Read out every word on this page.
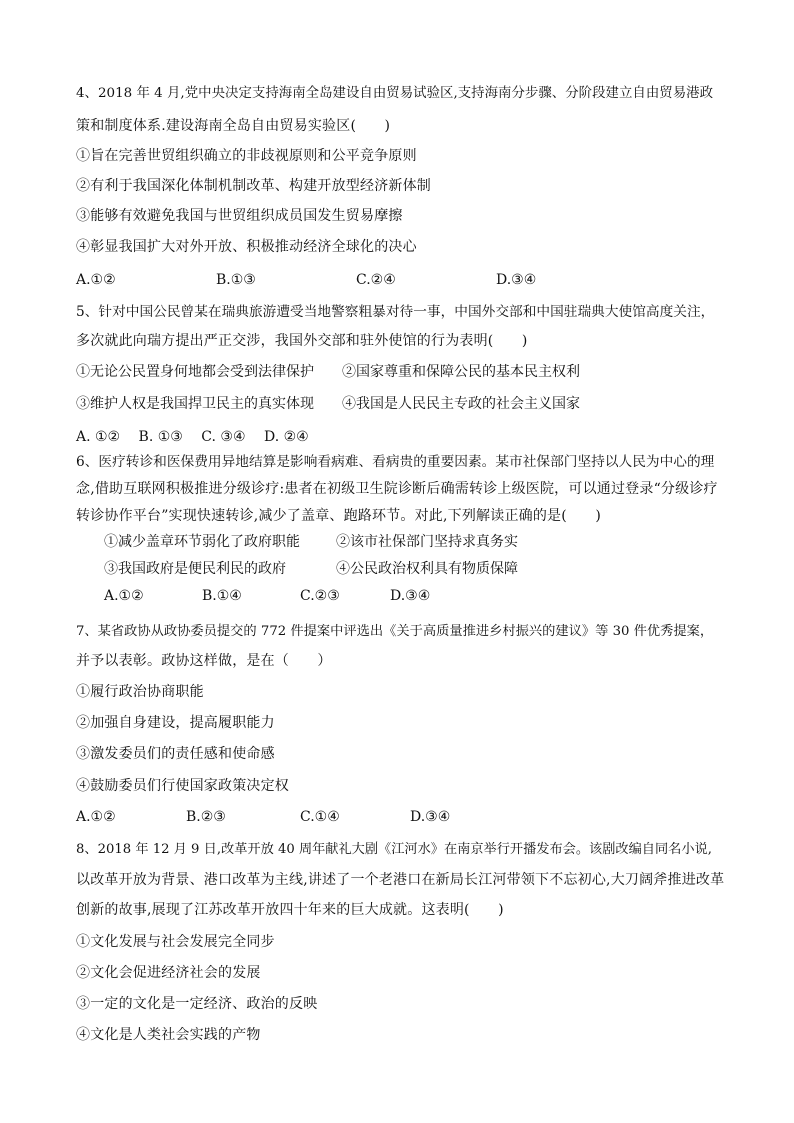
4、2018 年 4 月,党中央决定支持海南全岛建设自由贸易试验区,支持海南分步骤、分阶段建立自由贸易港政
策和制度体系.建设海南全岛自由贸易实验区(　　)
①旨在完善世贸组织确立的非歧视原则和公平竞争原则
②有利于我国深化体制机制改革、构建开放型经济新体制
③能够有效避免我国与世贸组织成员国发生贸易摩擦
④彰显我国扩大对外开放、积极推动经济全球化的决心
A.①②	B.①③	C.②④	D.③④
5、针对中国公民曾某在瑞典旅游遭受当地警察粗暴对待一事，中国外交部和中国驻瑞典大使馆高度关注，
多次就此向瑞方提出严正交涉，我国外交部和驻外使馆的行为表明(　　)
①无论公民置身何地都会受到法律保护 ②国家尊重和保障公民的基本民主权利
③维护人权是我国捍卫民主的真实体现 ④我国是人民民主专政的社会主义国家
A. ①②　 B. ①③　 C. ③④　 D. ②④
6、医疗转诊和医保费用异地结算是影响看病难、看病贵的重要因素。某市社保部门坚持以人民为中心的理
念,借助互联网积极推进分级诊疗:患者在初级卫生院诊断后确需转诊上级医院，可以通过登录“分级诊疗
转诊协作平台”实现快速转诊,减少了盖章、跑路环节。对此,下列解读正确的是(　　)
①减少盖章环节弱化了政府职能	②该市社保部门坚持求真务实
③我国政府是便民利民的政府	④公民政治权利具有物质保障
A.①②	B.①④	C.②③	D.③④
7、某省政协从政协委员提交的 772 件提案中评选出《关于高质量推进乡村振兴的建议》等 30 件优秀提案，
并予以表彰。政协这样做，是在（　　）
①履行政治协商职能
②加强自身建设，提高履职能力
③激发委员们的责任感和使命感
④鼓励委员们行使国家政策决定权
A.①②	B.②③	C.①④	D.③④
8、2018 年 12 月 9 日,改革开放 40 周年献礼大剧《江河水》在南京举行开播发布会。该剧改编自同名小说,
以改革开放为背景、港口改革为主线,讲述了一个老港口在新局长江河带领下不忘初心,大刀阔斧推进改革
创新的故事,展现了江苏改革开放四十年来的巨大成就。这表明(　　)
①文化发展与社会发展完全同步
②文化会促进经济社会的发展
③一定的文化是一定经济、政治的反映
④文化是人类社会实践的产物
